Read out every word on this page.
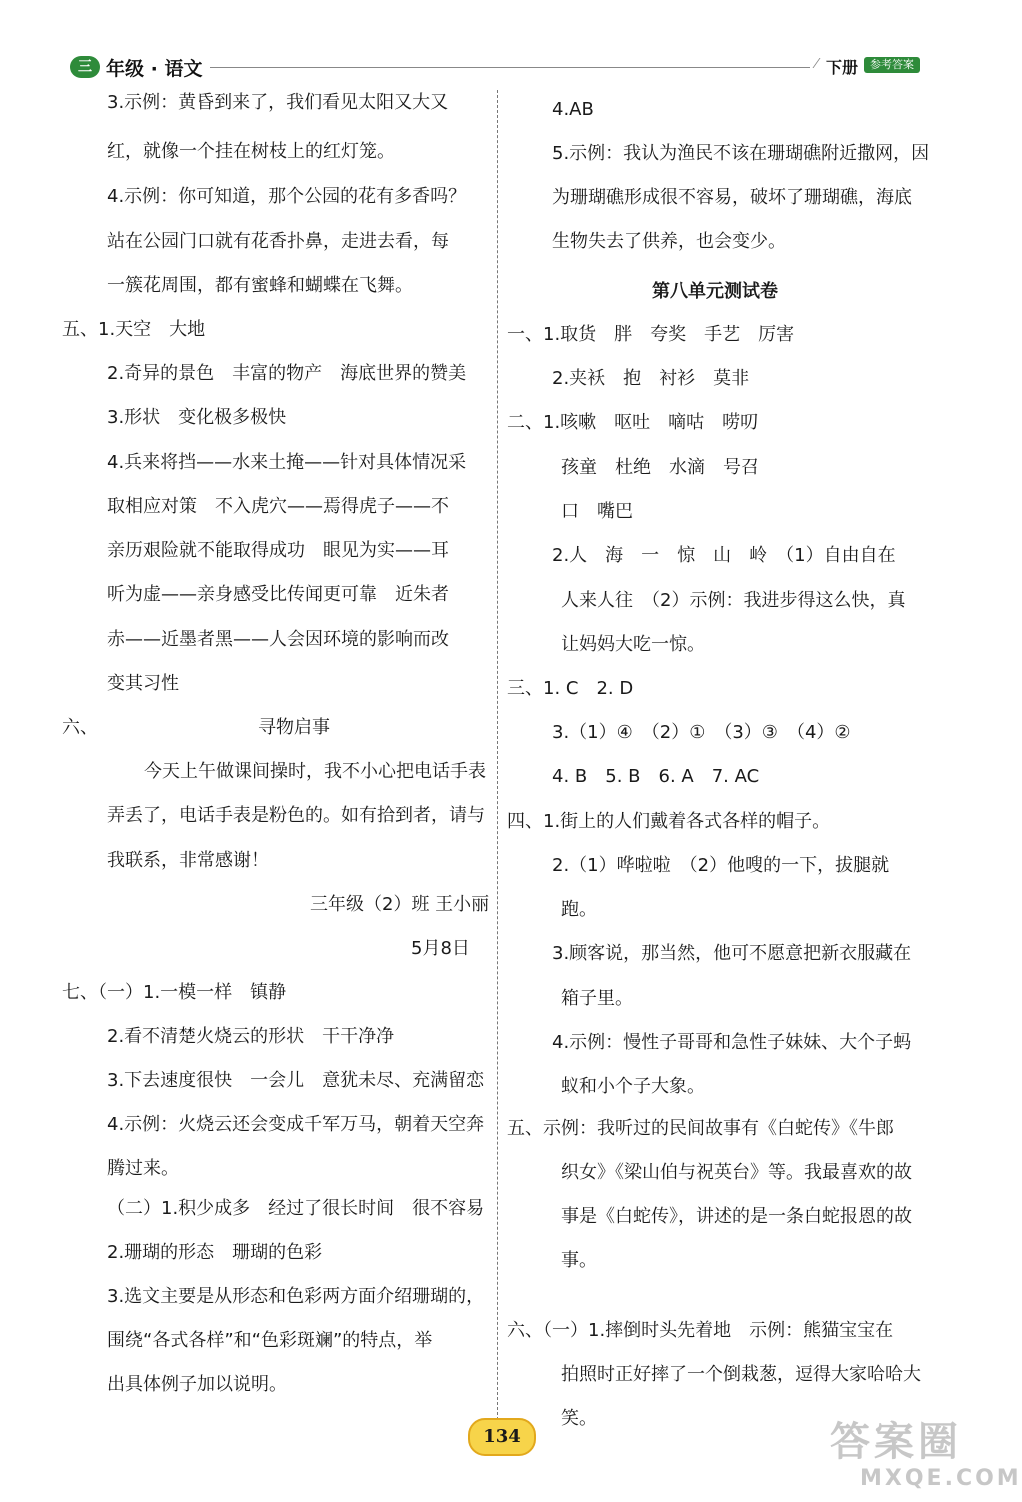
三 年级 · 语文	下册	参考答案
3.示例：黄昏到来了，我们看见太阳又大又
红，就像一个挂在树枝上的红灯笼。
4.示例：你可知道，那个公园的花有多香吗？
站在公园门口就有花香扑鼻，走进去看，每
一簇花周围，都有蜜蜂和蝴蝶在飞舞。
五、1.天空　大地
2.奇异的景色　丰富的物产　海底世界的赞美
3.形状　变化极多极快
4.兵来将挡——水来土掩——针对具体情况采
取相应对策　不入虎穴——焉得虎子——不
亲历艰险就不能取得成功　眼见为实——耳
听为虚——亲身感受比传闻更可靠　近朱者
赤——近墨者黑——人会因环境的影响而改
变其习性
六、	寻物启事
今天上午做课间操时，我不小心把电话手表
弄丢了，电话手表是粉色的。如有拾到者，请与
我联系，非常感谢！
三年级（2）班 王小丽
5月8日
七、（一）1.一模一样　镇静
2.看不清楚火烧云的形状　干干净净
3.下去速度很快　一会儿　意犹未尽、充满留恋
4.示例：火烧云还会变成千军万马，朝着天空奔
腾过来。
（二）1.积少成多　经过了很长时间　很不容易
2.珊瑚的形态　珊瑚的色彩
3.选文主要是从形态和色彩两方面介绍珊瑚的，
围绕“各式各样”和“色彩斑斓”的特点，举
出具体例子加以说明。
4.AB
5.示例：我认为渔民不该在珊瑚礁附近撒网，因
为珊瑚礁形成很不容易，破坏了珊瑚礁，海底
生物失去了供养，也会变少。
第八单元测试卷
一、1.取货　胖　夸奖　手艺　厉害
2.夹袄　抱　衬衫　莫非
二、1.咳嗽　呕吐　嘀咕　唠叨
孩童　杜绝　水滴　号召
口　嘴巴
2.人　海　一　惊　山　岭　（1）自由自在
人来人往　（2）示例：我进步得这么快，真
让妈妈大吃一惊。
三、1. C　2. D
3.（1）④　（2）①　（3）③　（4）②
4. B　5. B　6. A　7. AC
四、1.街上的人们戴着各式各样的帽子。
2.（1）哗啦啦　（2）他嗖的一下，拔腿就
跑。
3.顾客说，那当然，他可不愿意把新衣服藏在
箱子里。
4.示例：慢性子哥哥和急性子妹妹、大个子蚂
蚁和小个子大象。
五、示例：我听过的民间故事有《白蛇传》《牛郎
织女》《梁山伯与祝英台》等。我最喜欢的故
事是《白蛇传》，讲述的是一条白蛇报恩的故
事。
六、（一）1.摔倒时头先着地　示例：熊猫宝宝在
拍照时正好摔了一个倒栽葱，逗得大家哈哈大
笑。
134	答案圈
MXQE.COM
